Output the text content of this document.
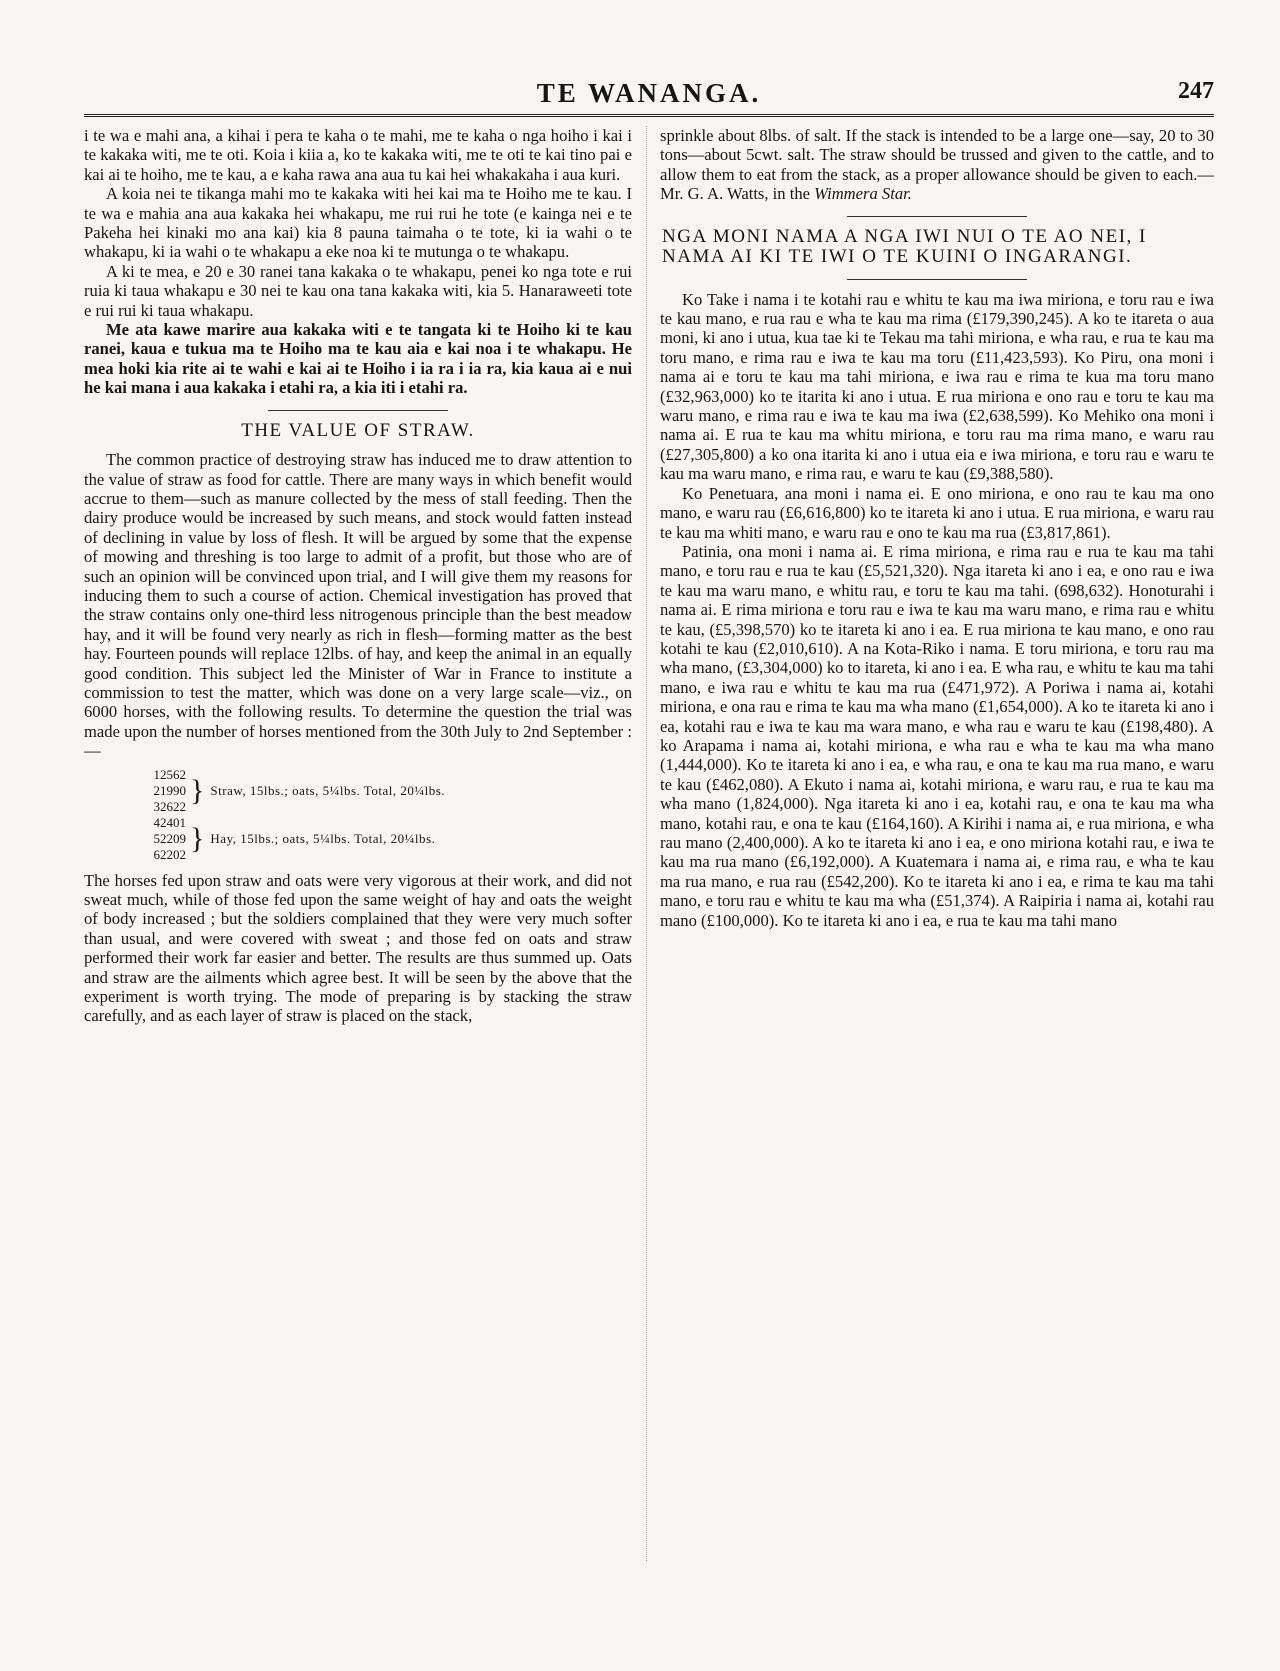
TE WANANGA.	247

i te wa e mahi ana, a kihai i pera te kaha o te mahi, me te kaha o nga hoiho i kai i te kakaka witi, me te oti. Koia i kiia a, ko te kakaka witi, me te oti te kai tino pai e kai ai te hoiho, me te kau, a e kaha rawa ana aua tu kai hei whakakaha i aua kuri.

A koia nei te tikanga mahi mo te kakaka witi hei kai ma te Hoiho me te kau. I te wa e mahia ana aua kakaka hei whakapu, me rui rui he tote (e kainga nei e te Pakeha hei kinaki mo ana kai) kia 8 pauna taimaha o te tote, ki ia wahi o te whakapu, ki ia wahi o te whakapu a eke noa ki te mutunga o te whakapu.

A ki te mea, e 20 e 30 ranei tana kakaka o te whakapu, penei ko nga tote e rui ruia ki taua whakapu e 30 nei te kau ona tana kakaka witi, kia 5. Hanaraweeti tote e rui rui ki taua whakapu.

Me ata kawe marire aua kakaka witi e te tangata ki te Hoiho ki te kau ranei, kaua e tukua ma te Hoiho ma te kau aia e kai noa i te whakapu. He mea hoki kia rite ai te wahi e kai ai te Hoiho i ia ra i ia ra, kia kaua ai e nui he kai mana i aua kakaka i etahi ra, a kia iti i etahi ra.

THE VALUE OF STRAW.

The common practice of destroying straw has induced me to draw attention to the value of straw as food for cattle. There are many ways in which benefit would accrue to them—such as manure collected by the mess of stall feeding. Then the dairy produce would be increased by such means, and stock would fatten instead of declining in value by loss of flesh. It will be argued by some that the expense of mowing and threshing is too large to admit of a profit, but those who are of such an opinion will be convinced upon trial, and I will give them my reasons for inducing them to such a course of action. Chemical investigation has proved that the straw contains only one-third less nitrogenous principle than the best meadow hay, and it will be found very nearly as rich in flesh—forming matter as the best hay. Fourteen pounds will replace 12lbs. of hay, and keep the animal in an equally good condition. This subject led the Minister of War in France to institute a commission to test the matter, which was done on a very large scale—viz., on 6000 horses, with the following results. To determine the question the trial was made upon the number of horses mentioned from the 30th July to 2nd September :—

12562
21990
32622 } Straw, 15lbs.; oats, 5¼lbs. Total, 20¼lbs.
42401
52209
62202 } Hay, 15lbs.; oats, 5¼lbs. Total, 20¼lbs.

The horses fed upon straw and oats were very vigorous at their work, and did not sweat much, while of those fed upon the same weight of hay and oats the weight of body increased ; but the soldiers complained that they were very much softer than usual, and were covered with sweat ; and those fed on oats and straw performed their work far easier and better. The results are thus summed up. Oats and straw are the ailments which agree best. It will be seen by the above that the experiment is worth trying. The mode of preparing is by stacking the straw carefully, and as each layer of straw is placed on the stack,

sprinkle about 8lbs. of salt. If the stack is intended to be a large one—say, 20 to 30 tons—about 5cwt. salt. The straw should be trussed and given to the cattle, and to allow them to eat from the stack, as a proper allowance should be given to each.—Mr. G. A. Watts, in the Wimmera Star.

NGA MONI NAMA A NGA IWI NUI O TE AO NEI, I NAMA AI KI TE IWI O TE KUINI O INGARANGI.

Ko Take i nama i te kotahi rau e whitu te kau ma iwa miriona, e toru rau e iwa te kau mano, e rua rau e wha te kau ma rima (£179,390,245). A ko te itareta o aua moni, ki ano i utua, kua tae ki te Tekau ma tahi miriona, e wha rau, e rua te kau ma toru mano, e rima rau e iwa te kau ma toru (£11,423,593). Ko Piru, ona moni i nama ai e toru te kau ma tahi miriona, e iwa rau e rima te kua ma toru mano (£32,963,000) ko te itarita ki ano i utua. E rua miriona e ono rau e toru te kau ma waru mano, e rima rau e iwa te kau ma iwa (£2,638,599). Ko Mehiko ona moni i nama ai. E rua te kau ma whitu miriona, e toru rau ma rima mano, e waru rau (£27,305,800) a ko ona itarita ki ano i utua eia e iwa miriona, e toru rau e waru te kau ma waru mano, e rima rau, e waru te kau (£9,388,580).

Ko Penetuara, ana moni i nama ei. E ono miriona, e ono rau te kau ma ono mano, e waru rau (£6,616,800) ko te itareta ki ano i utua. E rua miriona, e waru rau te kau ma whiti mano, e waru rau e ono te kau ma rua (£3,817,861).

Patinia, ona moni i nama ai. E rima miriona, e rima rau e rua te kau ma tahi mano, e toru rau e rua te kau (£5,521,320). Nga itareta ki ano i ea, e ono rau e iwa te kau ma waru mano, e whitu rau, e toru te kau ma tahi. (698,632). Honoturahi i nama ai. E rima miriona e toru rau e iwa te kau ma waru mano, e rima rau e whitu te kau, (£5,398,570) ko te itareta ki ano i ea. E rua miriona te kau mano, e ono rau kotahi te kau (£2,010,610). A na Kota-Riko i nama. E toru miriona, e toru rau ma wha mano, (£3,304,000) ko to itareta, ki ano i ea. E wha rau, e whitu te kau ma tahi mano, e iwa rau e whitu te kau ma rua (£471,972). A Poriwa i nama ai, kotahi miriona, e ona rau e rima te kau ma wha mano (£1,654,000). A ko te itareta ki ano i ea, kotahi rau e iwa te kau ma wara mano, e wha rau e waru te kau (£198,480). A ko Arapama i nama ai, kotahi miriona, e wha rau e wha te kau ma wha mano (1,444,000). Ko te itareta ki ano i ea, e wha rau, e ona te kau ma rua mano, e waru te kau (£462,080). A Ekuto i nama ai, kotahi miriona, e waru rau, e rua te kau ma wha mano (1,824,000). Nga itareta ki ano i ea, kotahi rau, e ona te kau ma wha mano, kotahi rau, e ona te kau (£164,160). A Kirihi i nama ai, e rua miriona, e wha rau mano (2,400,000). A ko te itareta ki ano i ea, e ono miriona kotahi rau, e iwa te kau ma rua mano (£6,192,000). A Kuatemara i nama ai, e rima rau, e wha te kau ma rua mano, e rua rau (£542,200). Ko te itareta ki ano i ea, e rima te kau ma tahi mano, e toru rau e whitu te kau ma wha (£51,374). A Raipiria i nama ai, kotahi rau mano (£100,000). Ko te itareta ki ano i ea, e rua te kau ma tahi mano
